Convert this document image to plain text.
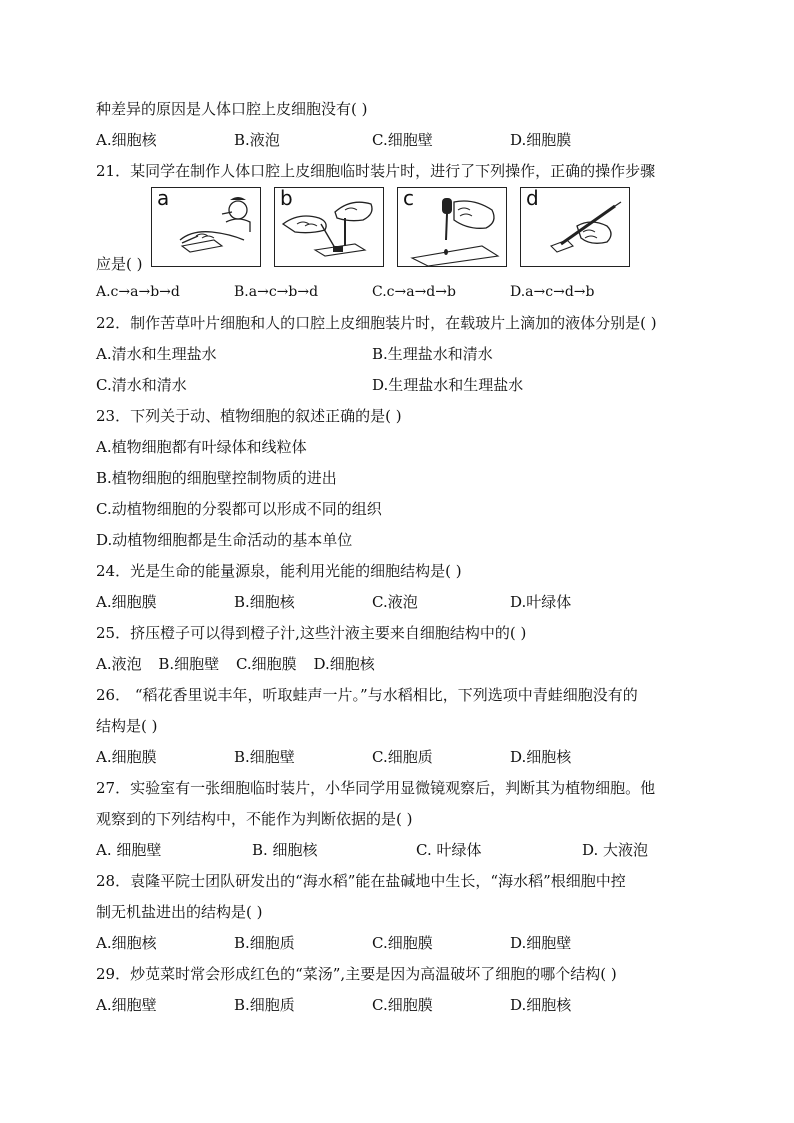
种差异的原因是人体口腔上皮细胞没有( )
A.细胞核	B.液泡	C.细胞壁	D.细胞膜
21．某同学在制作人体口腔上皮细胞临时装片时，进行了下列操作，正确的操作步骤
a	b	c	d
应是( )
A.c→a→b→d	B.a→c→b→d	C.c→a→d→b	D.a→c→d→b
22．制作苦草叶片细胞和人的口腔上皮细胞装片时，在载玻片上滴加的液体分别是( )
A.清水和生理盐水	B.生理盐水和清水
C.清水和清水	D.生理盐水和生理盐水
23．下列关于动、植物细胞的叙述正确的是( )
A.植物细胞都有叶绿体和线粒体
B.植物细胞的细胞壁控制物质的进出
C.动植物细胞的分裂都可以形成不同的组织
D.动植物细胞都是生命活动的基本单位
24．光是生命的能量源泉，能利用光能的细胞结构是( )
A.细胞膜	B.细胞核	C.液泡	D.叶绿体
25．挤压橙子可以得到橙子汁,这些汁液主要来自细胞结构中的( )
A.液泡 B.细胞壁 C.细胞膜 D.细胞核
26． “稻花香里说丰年，听取蛙声一片。”与水稻相比，下列选项中青蛙细胞没有的
结构是( )
A.细胞膜	B.细胞壁	C.细胞质	D.细胞核
27．实验室有一张细胞临时装片，小华同学用显微镜观察后，判断其为植物细胞。他
观察到的下列结构中，不能作为判断依据的是( )
A. 细胞壁	B. 细胞核	C. 叶绿体	D. 大液泡
28．袁隆平院士团队研发出的“海水稻”能在盐碱地中生长，“海水稻”根细胞中控
制无机盐进出的结构是( )
A.细胞核	B.细胞质	C.细胞膜	D.细胞壁
29．炒苋菜时常会形成红色的“菜汤”,主要是因为高温破坏了细胞的哪个结构( )
A.细胞壁	B.细胞质	C.细胞膜	D.细胞核
